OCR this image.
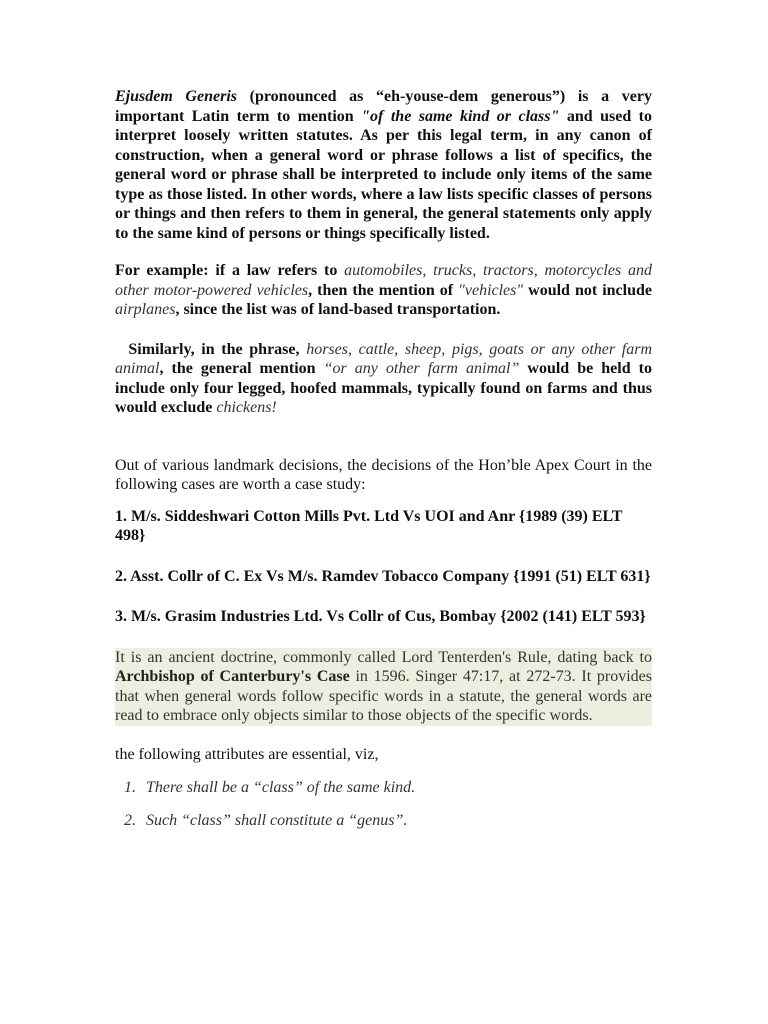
Ejusdem Generis (pronounced as “eh-youse-dem generous”) is a very important Latin term to mention "of the same kind or class" and used to interpret loosely written statutes. As per this legal term, in any canon of construction, when a general word or phrase follows a list of specifics, the general word or phrase shall be interpreted to include only items of the same type as those listed. In other words, where a law lists specific classes of persons or things and then refers to them in general, the general statements only apply to the same kind of persons or things specifically listed.

For example: if a law refers to automobiles, trucks, tractors, motorcycles and other motor-powered vehicles, then the mention of "vehicles" would not include airplanes, since the list was of land-based transportation.

Similarly, in the phrase, horses, cattle, sheep, pigs, goats or any other farm animal, the general mention “or any other farm animal” would be held to include only four legged, hoofed mammals, typically found on farms and thus would exclude chickens!

Out of various landmark decisions, the decisions of the Hon’ble Apex Court in the following cases are worth a case study:

1. M/s. Siddeshwari Cotton Mills Pvt. Ltd Vs UOI and Anr {1989 (39) ELT 498}

2. Asst. Collr of C. Ex Vs M/s. Ramdev Tobacco Company {1991 (51) ELT 631}

3. M/s. Grasim Industries Ltd. Vs Collr of Cus, Bombay {2002 (141) ELT 593}

It is an ancient doctrine, commonly called Lord Tenterden's Rule, dating back to Archbishop of Canterbury's Case in 1596. Singer 47:17, at 272-73. It provides that when general words follow specific words in a statute, the general words are read to embrace only objects similar to those objects of the specific words.

the following attributes are essential, viz,

1. There shall be a “class” of the same kind.
2. Such “class” shall constitute a “genus”.
